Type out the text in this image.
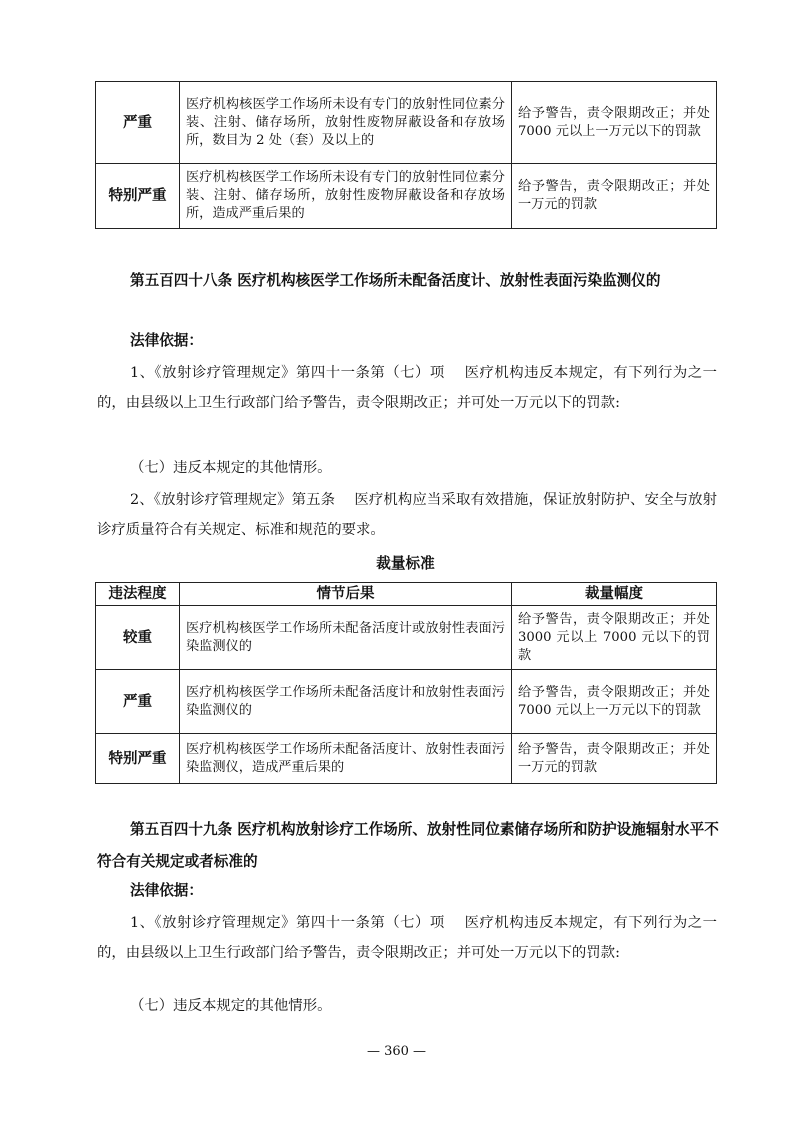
严重	医疗机构核医学工作场所未设有专门的放射性同位素分装、注射、储存场所，放射性废物屏蔽设备和存放场所，数目为 2 处（套）及以上的	给予警告，责令限期改正；并处 7000 元以上一万元以下的罚款
特别严重	医疗机构核医学工作场所未设有专门的放射性同位素分装、注射、储存场所，放射性废物屏蔽设备和存放场所，造成严重后果的	给予警告，责令限期改正；并处一万元的罚款

第五百四十八条 医疗机构核医学工作场所未配备活度计、放射性表面污染监测仪的

法律依据：

1、《放射诊疗管理规定》第四十一条第（七）项　 医疗机构违反本规定，有下列行为之一的，由县级以上卫生行政部门给予警告，责令限期改正；并可处一万元以下的罚款:

（七）违反本规定的其他情形。

2、《放射诊疗管理规定》第五条　 医疗机构应当采取有效措施，保证放射防护、安全与放射诊疗质量符合有关规定、标准和规范的要求。

裁量标准

违法程度	情节后果	裁量幅度
较重	医疗机构核医学工作场所未配备活度计或放射性表面污染监测仪的	给予警告，责令限期改正；并处 3000 元以上 7000 元以下的罚款
严重	医疗机构核医学工作场所未配备活度计和放射性表面污染监测仪的	给予警告，责令限期改正；并处 7000 元以上一万元以下的罚款
特别严重	医疗机构核医学工作场所未配备活度计、放射性表面污染监测仪，造成严重后果的	给予警告，责令限期改正；并处一万元的罚款

第五百四十九条 医疗机构放射诊疗工作场所、放射性同位素储存场所和防护设施辐射水平不符合有关规定或者标准的

法律依据：

1、《放射诊疗管理规定》第四十一条第（七）项　 医疗机构违反本规定，有下列行为之一的，由县级以上卫生行政部门给予警告，责令限期改正；并可处一万元以下的罚款:

（七）违反本规定的其他情形。

— 360 —
